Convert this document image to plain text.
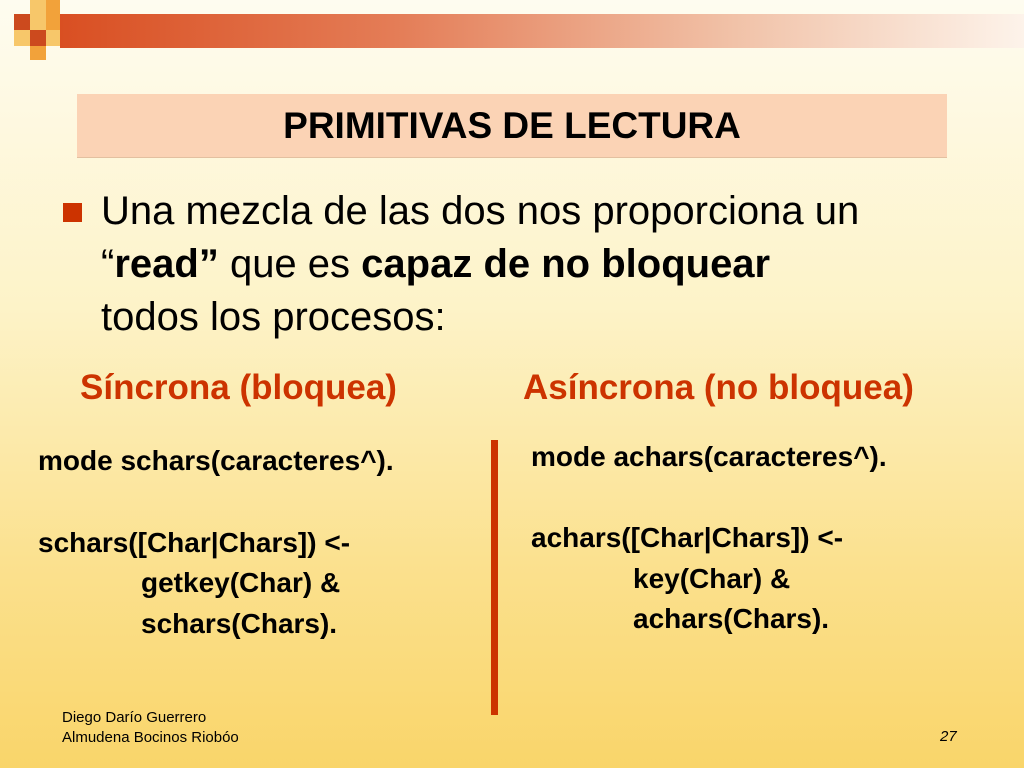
PRIMITIVAS DE LECTURA
Una mezcla de las dos nos proporciona un
“read” que es capaz de no bloquear
todos los procesos:
Síncrona (bloquea)	Asíncrona (no bloquea)
mode schars(caracteres^).
schars([Char|Chars]) <-
getkey(Char) &
schars(Chars).
mode achars(caracteres^).
achars([Char|Chars]) <-
key(Char) &
achars(Chars).
Diego Darío Guerrero
Almudena Bocinos Riobóo	27
